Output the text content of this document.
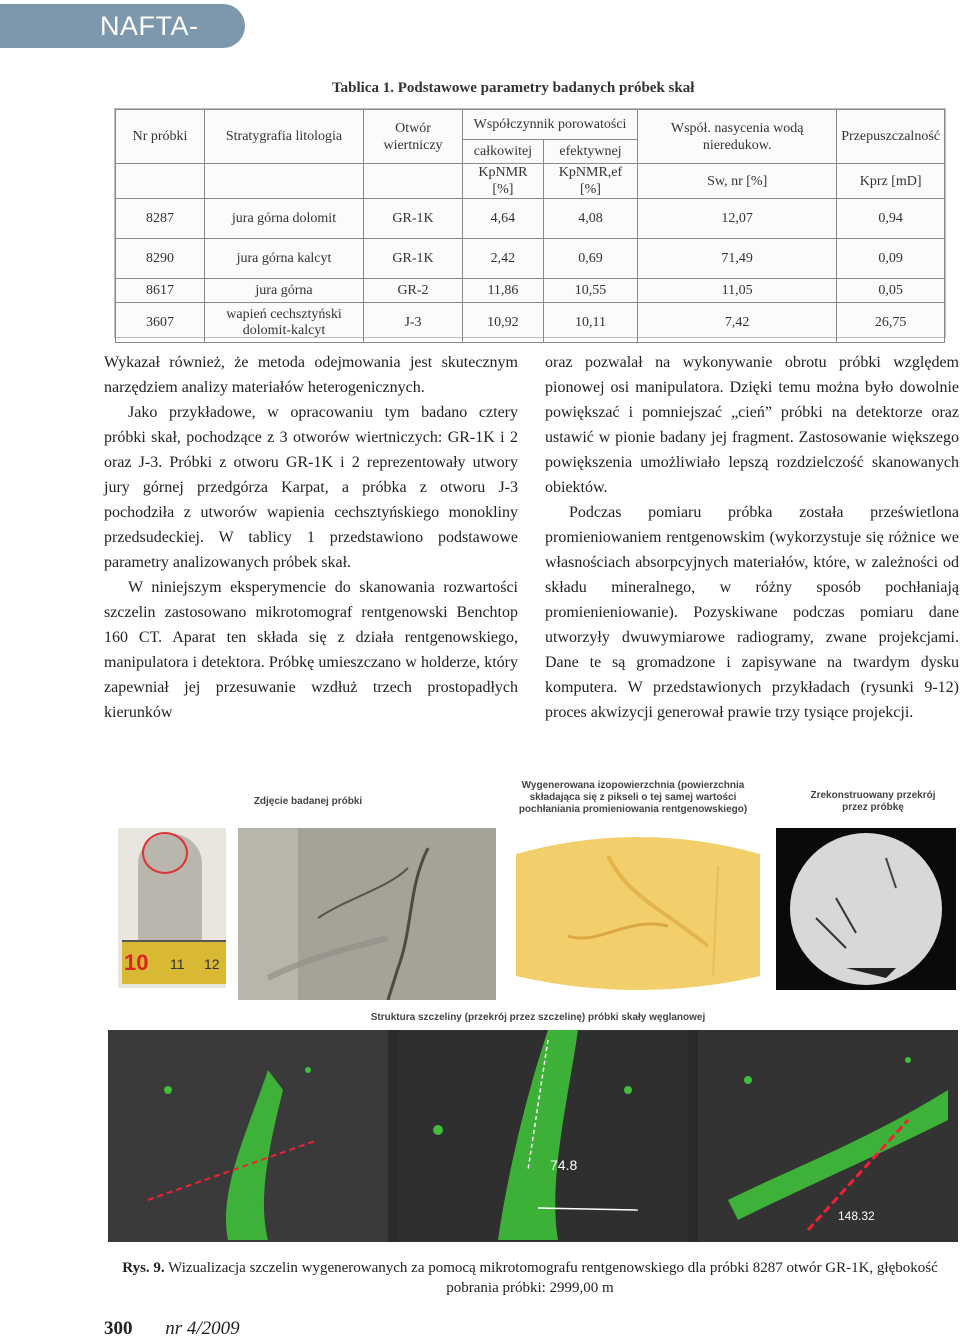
NAFTA-GAZ
Tablica 1. Podstawowe parametry badanych próbek skał
Nr próbki	Stratygrafia litologia	Otwór wiertniczy	Współczynnik porowatości		Współ. nasycenia wodą nieredukow.	Przepuszczalność
			całkowitej	efektywnej		
			KpNMR [%]	KpNMR,ef [%]	Sw, nr [%]	Kprz [mD]
8287	jura górna dolomit	GR-1K	4,64	4,08	12,07	0,94
8290	jura górna kalcyt	GR-1K	2,42	0,69	71,49	0,09
8617	jura górna	GR-2	11,86	10,55	11,05	0,05
3607	wapień cechsztyński dolomit-kalcyt	J-3	10,92	10,11	7,42	26,75

Wykazał również, że metoda odejmowania jest skutecznym narzędziem analizy materiałów heterogenicznych.

Jako przykładowe, w opracowaniu tym badano cztery próbki skał, pochodzące z 3 otworów wiertniczych: GR-1K i 2 oraz J-3. Próbki z otworu GR-1K i 2 reprezentowały utwory jury górnej przedgórza Karpat, a próbka z otworu J-3 pochodziła z utworów wapienia cechsztyńskiego monokliny przedsudeckiej. W tablicy 1 przedstawiono podstawowe parametry analizowanych próbek skał.

W niniejszym eksperymencie do skanowania rozwartości szczelin zastosowano mikrotomograf rentgenowski Benchtop 160 CT. Aparat ten składa się z działa rentgenowskiego, manipulatora i detektora. Próbkę umieszczano w holderze, który zapewniał jej przesuwanie wzdłuż trzech prostopadłych kierunków

oraz pozwalał na wykonywanie obrotu próbki względem pionowej osi manipulatora. Dzięki temu można było dowolnie powiększać i pomniejszać „cień” próbki na detektorze oraz ustawić w pionie badany jej fragment. Zastosowanie większego powiększenia umożliwiało lepszą rozdzielczość skanowanych obiektów.

Podczas pomiaru próbka została prześwietlona promieniowaniem rentgenowskim (wykorzystuje się różnice we własnościach absorpcyjnych materiałów, które, w zależności od składu mineralnego, w różny sposób pochłaniają promienieniowanie). Pozyskiwane podczas pomiaru dane utworzyły dwuwymiarowe radiogramy, zwane projekcjami. Dane te są gromadzone i zapisywane na twardym dysku komputera. W przedstawionych przykładach (rysunki 9-12) proces akwizycji generował prawie trzy tysiące projekcji.

Zdjęcie badanej próbki
Wygenerowana izopowierzchnia (powierzchnia składająca się z pikseli o tej samej wartości pochłaniania promieniowania rentgenowskiego)
Zrekonstruowany przekrój przez próbkę
10 11 12
Struktura szczeliny (przekrój przez szczelinę) próbki skały węglanowej
74.8
148.32
Rys. 9. Wizualizacja szczelin wygenerowanych za pomocą mikrotomografu rentgenowskiego dla próbki 8287 otwór GR-1K, głębokość pobrania próbki: 2999,00 m
300 nr 4/2009
